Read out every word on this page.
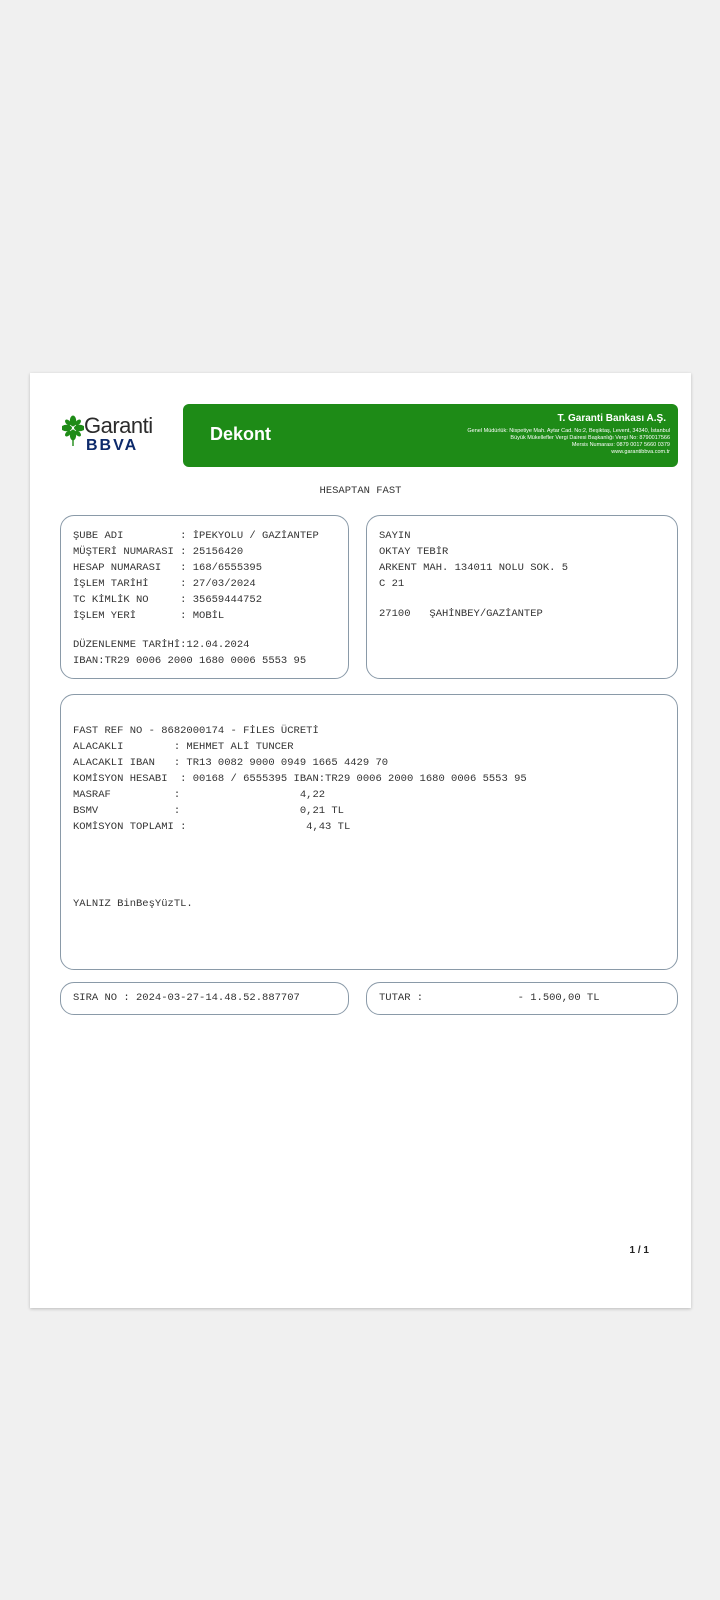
Garanti
BBVA
Dekont
T. Garanti Bankası A.Ş.
Genel Müdürlük: Nispetiye Mah. Aytar Cad. No:2, Beşiktaş, Levent, 34340, İstanbul
Büyük Mükellefler Vergi Dairesi Başkanlığı Vergi No: 8790017566
Mersis Numarası: 0879 0017 5660 0379
www.garantibbva.com.tr
HESAPTAN FAST
ŞUBE ADI         : İPEKYOLU / GAZİANTEP
MÜŞTERİ NUMARASI : 25156420
HESAP NUMARASI   : 168/6555395
İŞLEM TARİHİ     : 27/03/2024
TC KİMLİK NO     : 35659444752
İŞLEM YERİ       : MOBİL
DÜZENLENME TARİHİ:12.04.2024
IBAN:TR29 0006 2000 1680 0006 5553 95
SAYIN
OKTAY TEBİR
ARKENT MAH. 134011 NOLU SOK. 5
C 21
27100   ŞAHİNBEY/GAZİANTEP
FAST REF NO - 8682000174 - FİLES ÜCRETİ
ALACAKLI        : MEHMET ALİ TUNCER
ALACAKLI IBAN   : TR13 0082 9000 0949 1665 4429 70
KOMİSYON HESABI  : 00168 / 6555395 IBAN:TR29 0006 2000 1680 0006 5553 95
MASRAF          :                   4,22
BSMV            :                   0,21 TL
KOMİSYON TOPLAMI :                   4,43 TL
YALNIZ BinBeşYüzTL.
SIRA NO : 2024-03-27-14.48.52.887707	TUTAR :               - 1.500,00 TL
1 / 1
